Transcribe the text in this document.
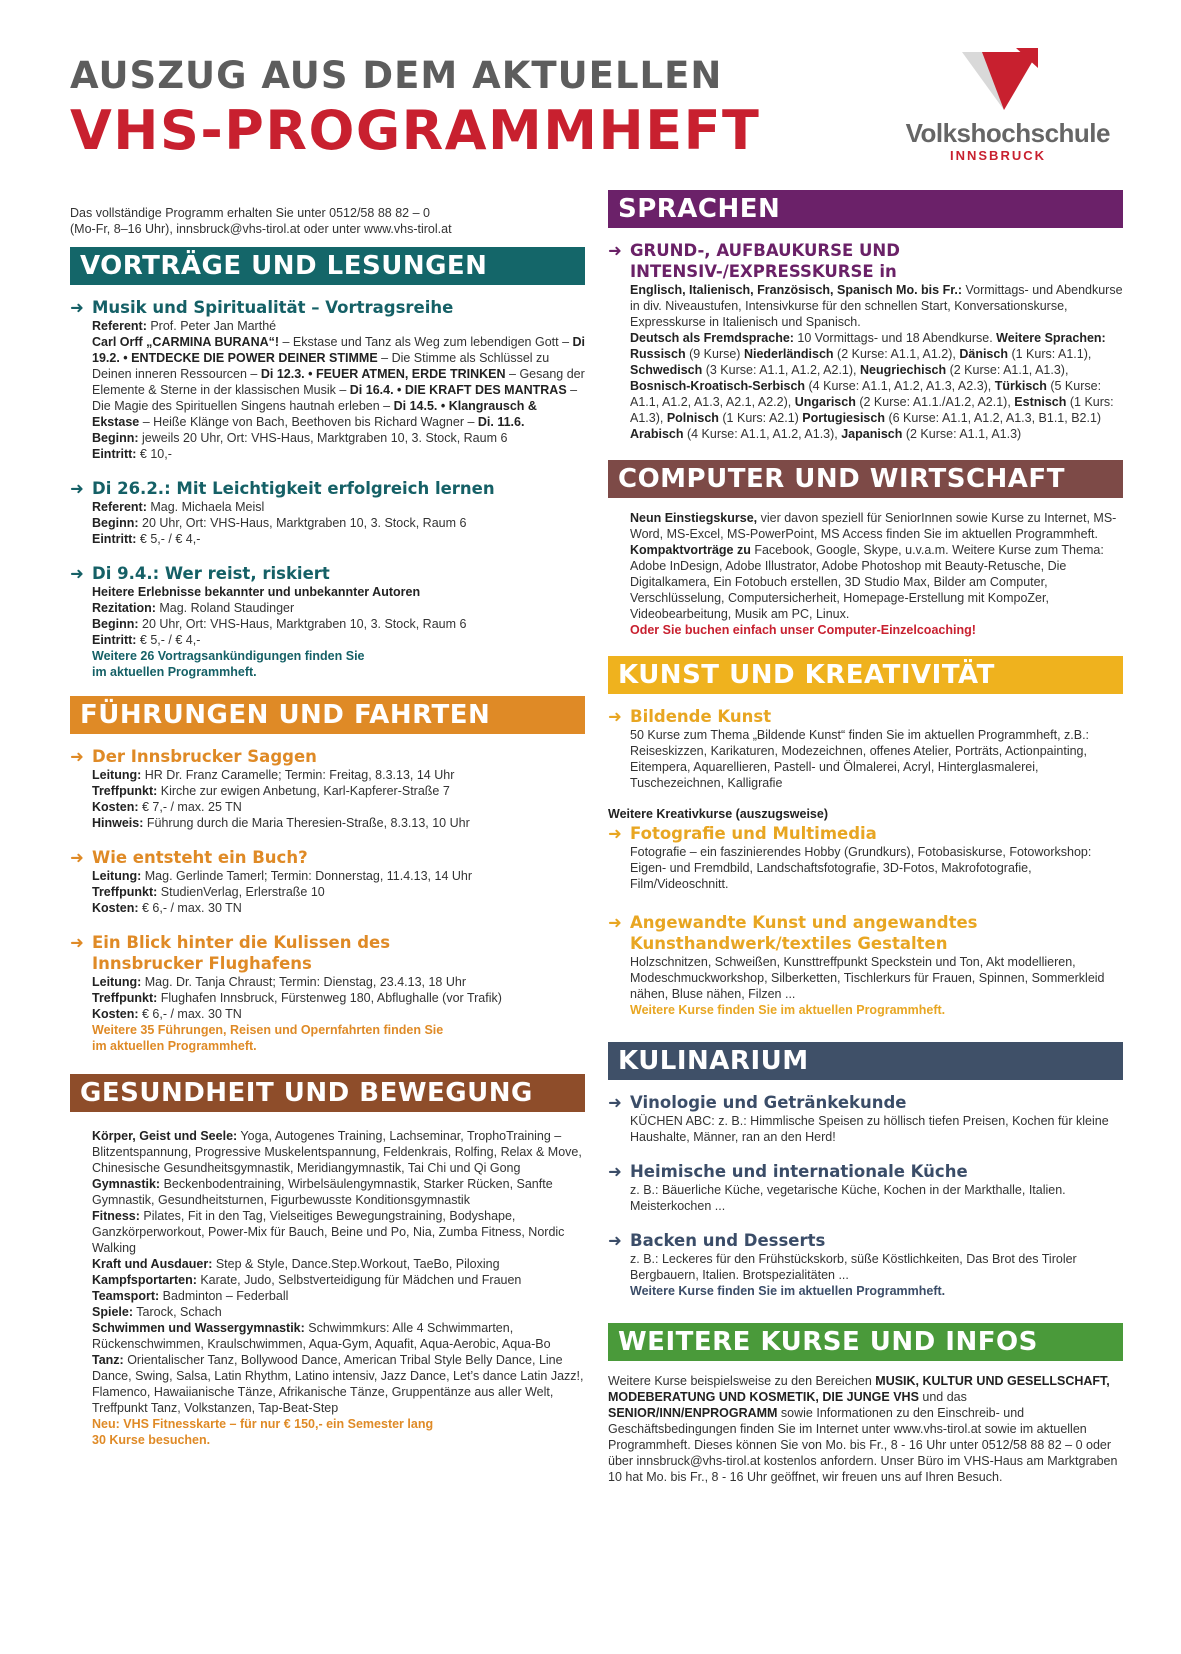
AUSZUG AUS DEM AKTUELLEN
VHS-PROGRAMMHEFT	Volkshochschule
INNSBRUCK
Das vollständige Programm erhalten Sie unter 0512/58 88 82 – 0
(Mo-Fr, 8–16 Uhr), innsbruck@vhs-tirol.at oder unter www.vhs-tirol.at
VORTRÄGE UND LESUNGEN
➜ Musik und Spiritualität – Vortragsreihe
Referent: Prof. Peter Jan Marthé
Carl Orff „CARMINA BURANA“! – Ekstase und Tanz als Weg zum lebendigen Gott – Di 19.2. • ENTDECKE DIE POWER DEINER STIMME – Die Stimme als Schlüssel zu Deinen inneren Ressourcen – Di 12.3. • FEUER ATMEN, ERDE TRINKEN – Gesang der Elemente & Sterne in der klassischen Musik – Di 16.4. • DIE KRAFT DES MANTRAS – Die Magie des Spirituellen Singens hautnah erleben – Di 14.5. • Klangrausch & Ekstase – Heiße Klänge von Bach, Beethoven bis Richard Wagner – Di. 11.6.
Beginn: jeweils 20 Uhr, Ort: VHS-Haus, Marktgraben 10, 3. Stock, Raum 6
Eintritt: € 10,-
➜ Di 26.2.: Mit Leichtigkeit erfolgreich lernen
Referent: Mag. Michaela Meisl
Beginn: 20 Uhr, Ort: VHS-Haus, Marktgraben 10, 3. Stock, Raum 6
Eintritt: € 5,- / € 4,-
➜ Di 9.4.: Wer reist, riskiert
Heitere Erlebnisse bekannter und unbekannter Autoren
Rezitation: Mag. Roland Staudinger
Beginn: 20 Uhr, Ort: VHS-Haus, Marktgraben 10, 3. Stock, Raum 6
Eintritt: € 5,- / € 4,-
Weitere 26 Vortragsankündigungen finden Sie
im aktuellen Programmheft.
FÜHRUNGEN UND FAHRTEN
➜ Der Innsbrucker Saggen
Leitung: HR Dr. Franz Caramelle; Termin: Freitag, 8.3.13, 14 Uhr
Treffpunkt: Kirche zur ewigen Anbetung, Karl-Kapferer-Straße 7
Kosten: € 7,- / max. 25 TN
Hinweis: Führung durch die Maria Theresien-Straße, 8.3.13, 10 Uhr
➜ Wie entsteht ein Buch?
Leitung: Mag. Gerlinde Tamerl; Termin: Donnerstag, 11.4.13, 14 Uhr
Treffpunkt: StudienVerlag, Erlerstraße 10
Kosten: € 6,- / max. 30 TN
➜ Ein Blick hinter die Kulissen des
Innsbrucker Flughafens
Leitung: Mag. Dr. Tanja Chraust; Termin: Dienstag, 23.4.13, 18 Uhr
Treffpunkt: Flughafen Innsbruck, Fürstenweg 180, Abflughalle (vor Trafik)
Kosten: € 6,- / max. 30 TN
Weitere 35 Führungen, Reisen und Opernfahrten finden Sie
im aktuellen Programmheft.
GESUNDHEIT UND BEWEGUNG
Körper, Geist und Seele: Yoga, Autogenes Training, Lachseminar, TrophoTraining – Blitzentspannung, Progressive Muskelentspannung, Feldenkrais, Rolfing, Relax & Move, Chinesische Gesundheitsgymnastik, Meridiangymnastik, Tai Chi und Qi Gong
Gymnastik: Beckenbodentraining, Wirbelsäulengymnastik, Starker Rücken, Sanfte Gymnastik, Gesundheitsturnen, Figurbewusste Konditionsgymnastik
Fitness: Pilates, Fit in den Tag, Vielseitiges Bewegungstraining, Bodyshape, Ganzkörperworkout, Power-Mix für Bauch, Beine und Po, Nia, Zumba Fitness, Nordic Walking
Kraft und Ausdauer: Step & Style, Dance.Step.Workout, TaeBo, Piloxing
Kampfsportarten: Karate, Judo, Selbstverteidigung für Mädchen und Frauen
Teamsport: Badminton – Federball
Spiele: Tarock, Schach
Schwimmen und Wassergymnastik: Schwimmkurs: Alle 4 Schwimmarten, Rückenschwimmen, Kraulschwimmen, Aqua-Gym, Aquafit, Aqua-Aerobic, Aqua-Bo
Tanz: Orientalischer Tanz, Bollywood Dance, American Tribal Style Belly Dance, Line Dance, Swing, Salsa, Latin Rhythm, Latino intensiv, Jazz Dance, Let’s dance Latin Jazz!, Flamenco, Hawaiianische Tänze, Afrikanische Tänze, Gruppentänze aus aller Welt, Treffpunkt Tanz, Volkstanzen, Tap-Beat-Step
Neu: VHS Fitnesskarte – für nur € 150,- ein Semester lang
30 Kurse besuchen.
SPRACHEN
➜ GRUND-, AUFBAUKURSE UND
INTENSIV-/EXPRESSKURSE in
Englisch, Italienisch, Französisch, Spanisch Mo. bis Fr.: Vormittags- und Abendkurse in div. Niveaustufen, Intensivkurse für den schnellen Start, Konversationskurse, Expresskurse in Italienisch und Spanisch.
Deutsch als Fremdsprache: 10 Vormittags- und 18 Abendkurse. Weitere Sprachen: Russisch (9 Kurse) Niederländisch (2 Kurse: A1.1, A1.2), Dänisch (1 Kurs: A1.1), Schwedisch (3 Kurse: A1.1, A1.2, A2.1), Neugriechisch (2 Kurse: A1.1, A1.3), Bosnisch-Kroatisch-Serbisch (4 Kurse: A1.1, A1.2, A1.3, A2.3), Türkisch (5 Kurse: A1.1, A1.2, A1.3, A2.1, A2.2), Ungarisch (2 Kurse: A1.1./A1.2, A2.1), Estnisch (1 Kurs: A1.3), Polnisch (1 Kurs: A2.1) Portugiesisch (6 Kurse: A1.1, A1.2, A1.3, B1.1, B2.1) Arabisch (4 Kurse: A1.1, A1.2, A1.3), Japanisch (2 Kurse: A1.1, A1.3)
COMPUTER UND WIRTSCHAFT
Neun Einstiegskurse, vier davon speziell für SeniorInnen sowie Kurse zu Internet, MS-Word, MS-Excel, MS-PowerPoint, MS Access finden Sie im aktuellen Programmheft.
Kompaktvorträge zu Facebook, Google, Skype, u.v.a.m. Weitere Kurse zum Thema: Adobe InDesign, Adobe Illustrator, Adobe Photoshop mit Beauty-Retusche, Die Digitalkamera, Ein Fotobuch erstellen, 3D Studio Max, Bilder am Computer, Verschlüsselung, Computersicherheit, Homepage-Erstellung mit KompoZer, Videobearbeitung, Musik am PC, Linux.
Oder Sie buchen einfach unser Computer-Einzelcoaching!
KUNST UND KREATIVITÄT
➜ Bildende Kunst
50 Kurse zum Thema „Bildende Kunst“ finden Sie im aktuellen Programmheft, z.B.: Reiseskizzen, Karikaturen, Modezeichnen, offenes Atelier, Porträts, Actionpainting, Eitempera, Aquarellieren, Pastell- und Ölmalerei, Acryl, Hinterglasmalerei, Tuschezeichnen, Kalligrafie
Weitere Kreativkurse (auszugsweise)
➜ Fotografie und Multimedia
Fotografie – ein faszinierendes Hobby (Grundkurs), Fotobasiskurse, Fotoworkshop: Eigen- und Fremdbild, Landschaftsfotografie, 3D-Fotos, Makrofotografie, Film/Videoschnitt.
➜ Angewandte Kunst und angewandtes
Kunsthandwerk/textiles Gestalten
Holzschnitzen, Schweißen, Kunsttreffpunkt Speckstein und Ton, Akt modellieren, Modeschmuckworkshop, Silberketten, Tischlerkurs für Frauen, Spinnen, Sommerkleid nähen, Bluse nähen, Filzen ...
Weitere Kurse finden Sie im aktuellen Programmheft.
KULINARIUM
➜ Vinologie und Getränkekunde
KÜCHEN ABC: z. B.: Himmlische Speisen zu höllisch tiefen Preisen, Kochen für kleine Haushalte, Männer, ran an den Herd!
➜ Heimische und internationale Küche
z. B.: Bäuerliche Küche, vegetarische Küche, Kochen in der Markthalle, Italien. Meisterkochen ...
➜ Backen und Desserts
z. B.: Leckeres für den Frühstückskorb, süße Köstlichkeiten, Das Brot des Tiroler Bergbauern, Italien. Brotspezialitäten ...
Weitere Kurse finden Sie im aktuellen Programmheft.
WEITERE KURSE UND INFOS
Weitere Kurse beispielsweise zu den Bereichen MUSIK, KULTUR UND GESELLSCHAFT, MODEBERATUNG UND KOSMETIK, DIE JUNGE VHS und das SENIOR/INN/ENPROGRAMM sowie Informationen zu den Einschreib- und Geschäftsbedingungen finden Sie im Internet unter www.vhs-tirol.at sowie im aktuellen Programmheft. Dieses können Sie von Mo. bis Fr., 8 - 16 Uhr unter 0512/58 88 82 – 0 oder über innsbruck@vhs-tirol.at kostenlos anfordern. Unser Büro im VHS-Haus am Marktgraben 10 hat Mo. bis Fr., 8 - 16 Uhr geöffnet, wir freuen uns auf Ihren Besuch.
